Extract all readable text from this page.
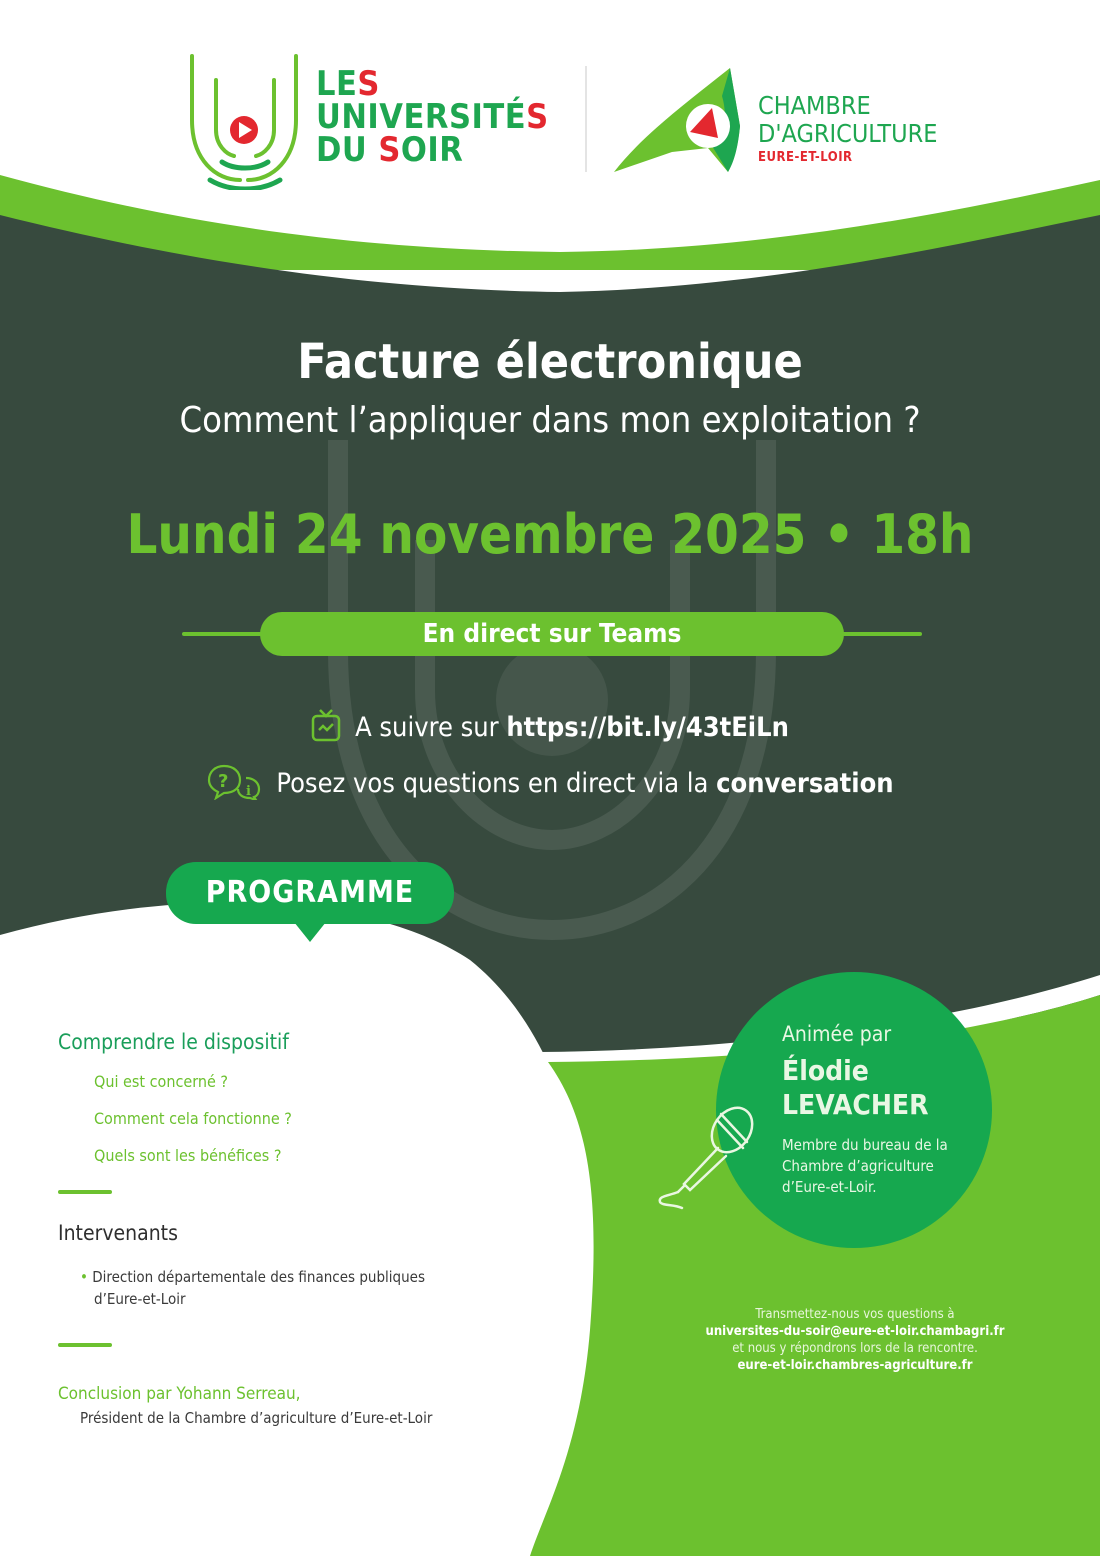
LES
UNIVERSITÉS
DU SOIR
CHAMBRE
D'AGRICULTURE
EURE-ET-LOIR
Facture électronique
Comment l’appliquer dans mon exploitation ?
Lundi 24 novembre 2025 • 18h
En direct sur Teams
A suivre sur https://bit.ly/43tEiLn
? i Posez vos questions en direct via la conversation
PROGRAMME
Comprendre le dispositif
Qui est concerné ?
Comment cela fonctionne ?
Quels sont les bénéfices ?
Intervenants
• Direction départementale des finances publiques
d’Eure-et-Loir
Conclusion par Yohann Serreau,
Président de la Chambre d’agriculture d’Eure-et-Loir
Animée par
Élodie
LEVACHER
Membre du bureau de la
Chambre d’agriculture
d’Eure-et-Loir.
Transmettez-nous vos questions à
universites-du-soir@eure-et-loir.chambagri.fr
et nous y répondrons lors de la rencontre.
eure-et-loir.chambres-agriculture.fr
